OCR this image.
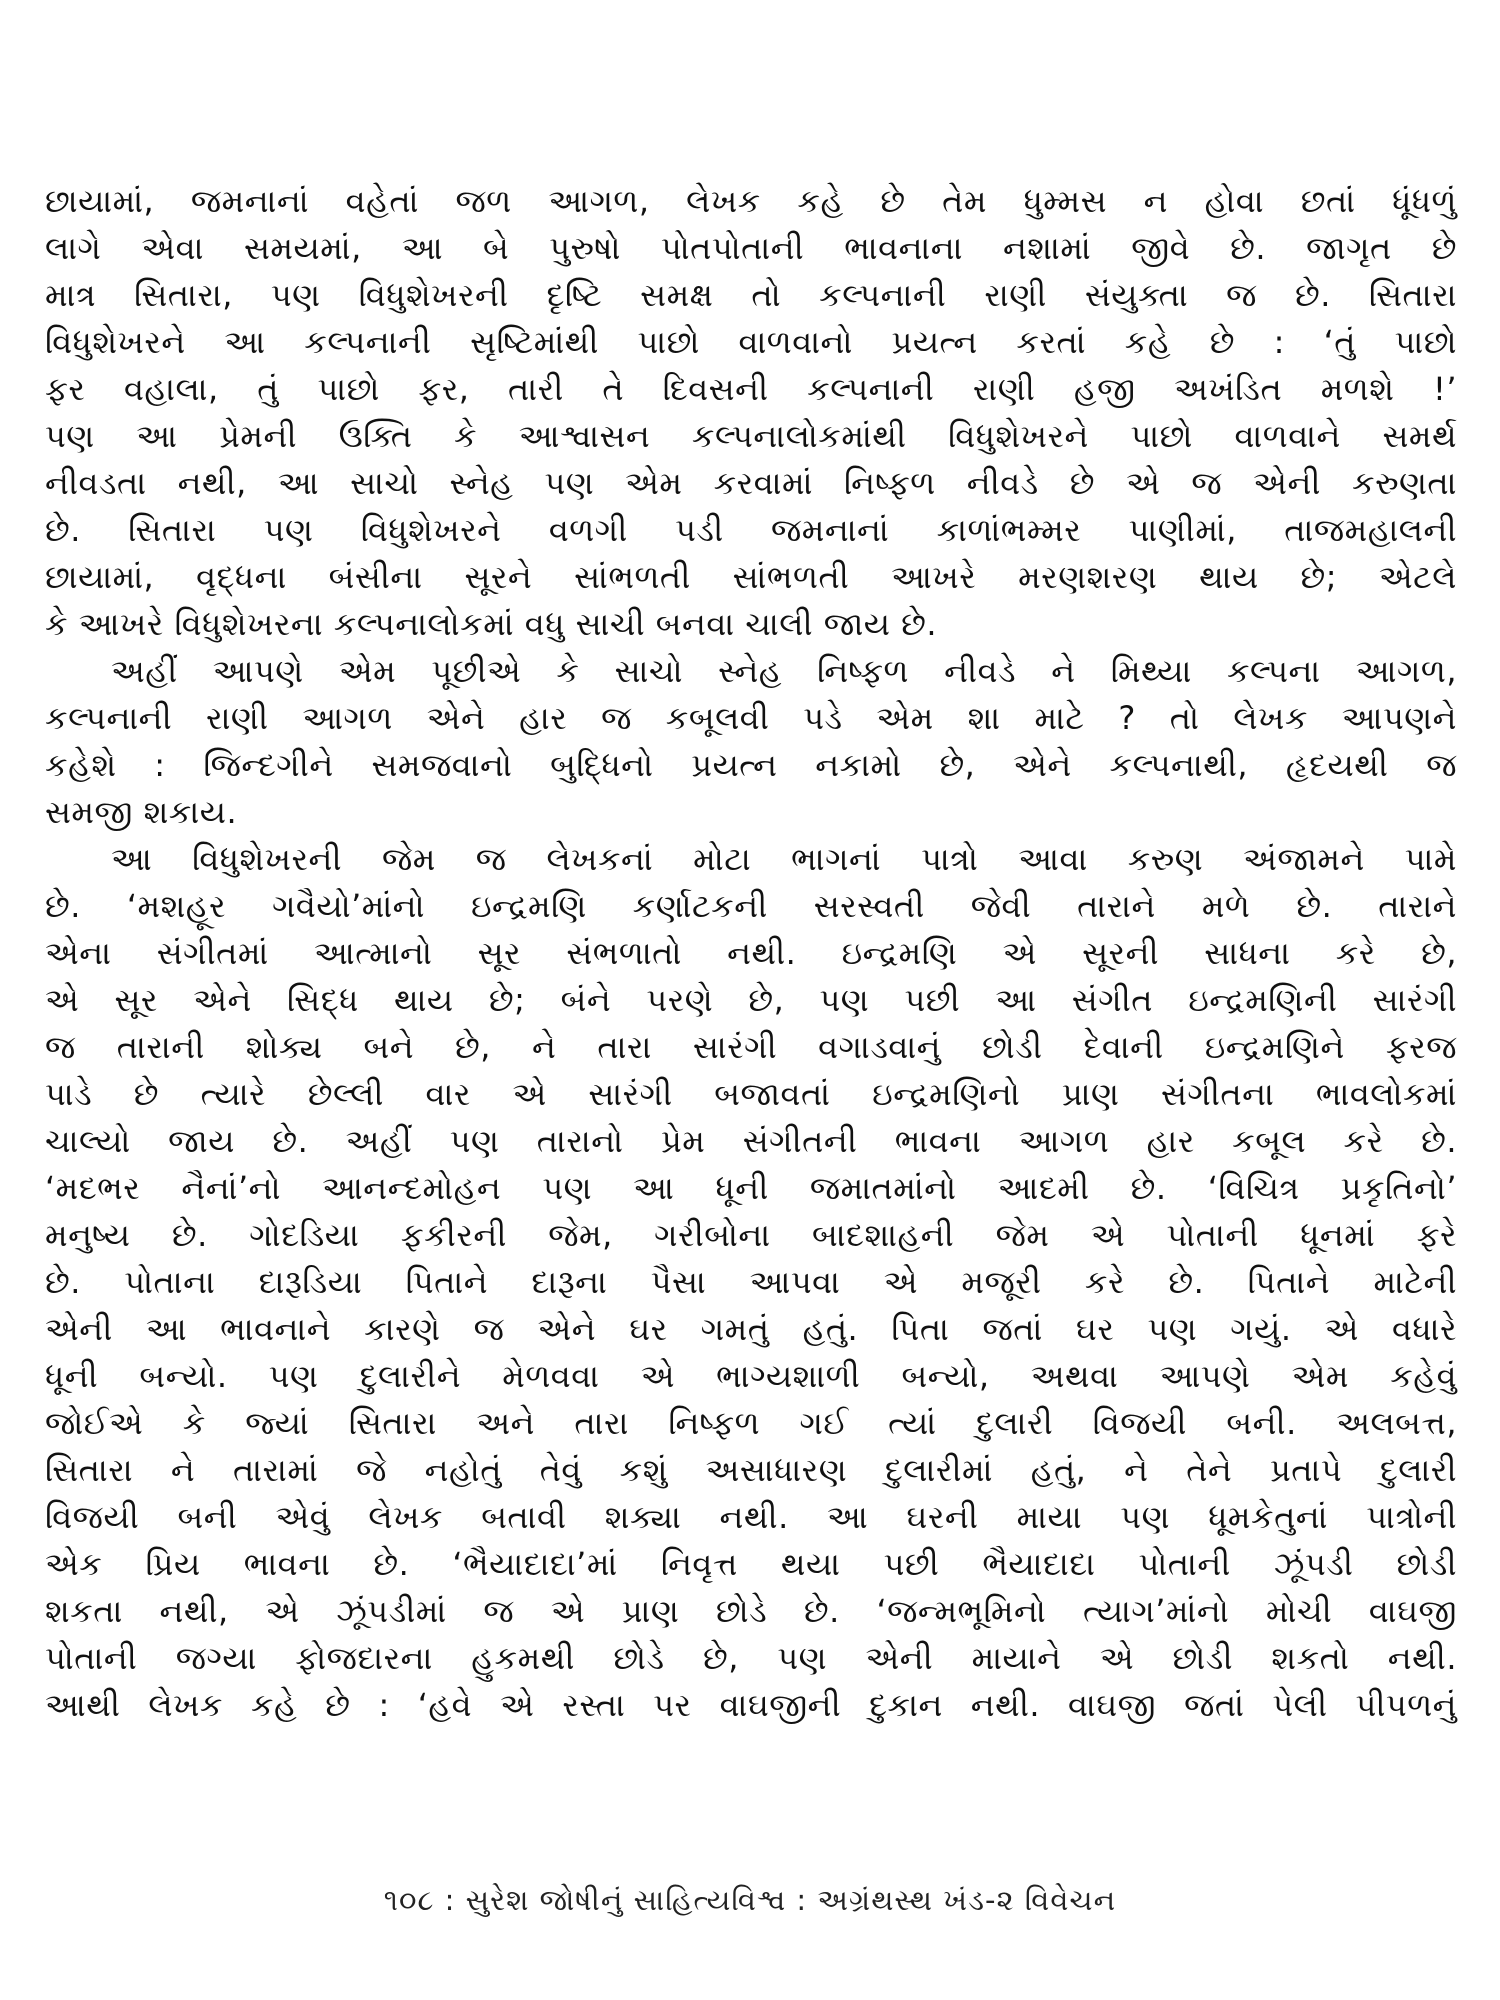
છાયામાં, જમનાનાં વહેતાં જળ આગળ, લેખક કહે છે તેમ ધુમ્મસ ન હોવા છતાં ધૂંધળું
લાગે એવા સમયમાં, આ બે પુરુષો પોતપોતાની ભાવનાના નશામાં જીવે છે. જાગૃત છે
માત્ર સિતારા, પણ વિધુશેખરની દૃષ્ટિ સમક્ષ તો કલ્પનાની રાણી સંયુક્તા જ છે. સિતારા
વિધુશેખરને આ કલ્પનાની સૃષ્ટિમાંથી પાછો વાળવાનો પ્રયત્ન કરતાં કહે છે : ‘તું પાછો
ફર વહાલા, તું પાછો ફર, તારી તે દિવસની કલ્પનાની રાણી હજી અખંડિત મળશે !’
પણ આ પ્રેમની ઉક્તિ કે આશ્વાસન કલ્પનાલોકમાંથી વિધુશેખરને પાછો વાળવાને સમર્થ
નીવડતા નથી, આ સાચો સ્નેહ પણ એમ કરવામાં નિષ્ફળ નીવડે છે એ જ એની કરુણતા
છે. સિતારા પણ વિધુશેખરને વળગી પડી જમનાનાં કાળાંભમ્મર પાણીમાં, તાજમહાલની
છાયામાં, વૃદ્ધના બંસીના સૂરને સાંભળતી સાંભળતી આખરે મરણશરણ થાય છે; એટલે
કે આખરે વિધુશેખરના કલ્પનાલોકમાં વધુ સાચી બનવા ચાલી જાય છે.
અહીં આપણે એમ પૂછીએ કે સાચો સ્નેહ નિષ્ફળ નીવડે ને મિથ્યા કલ્પના આગળ,
કલ્પનાની રાણી આગળ એને હાર જ કબૂલવી પડે એમ શા માટે ? તો લેખક આપણને
કહેશે : જિન્દગીને સમજવાનો બુદ્ધિનો પ્રયત્ન નકામો છે, એને કલ્પનાથી, હૃદયથી જ
સમજી શકાય.
આ વિધુશેખરની જેમ જ લેખકનાં મોટા ભાગનાં પાત્રો આવા કરુણ અંજામને પામે
છે. ‘મશહૂર ગવૈયો’માંનો ઇન્દ્રમણિ કર્ણાટકની સરસ્વતી જેવી તારાને મળે છે. તારાને
એના સંગીતમાં આત્માનો સૂર સંભળાતો નથી. ઇન્દ્રમણિ એ સૂરની સાધના કરે છે,
એ સૂર એને સિદ્ધ થાય છે; બંને પરણે છે, પણ પછી આ સંગીત ઇન્દ્રમણિની સારંગી
જ તારાની શોક્ય બને છે, ને તારા સારંગી વગાડવાનું છોડી દેવાની ઇન્દ્રમણિને ફરજ
પાડે છે ત્યારે છેલ્લી વાર એ સારંગી બજાવતાં ઇન્દ્રમણિનો પ્રાણ સંગીતના ભાવલોકમાં
ચાલ્યો જાય છે. અહીં પણ તારાનો પ્રેમ સંગીતની ભાવના આગળ હાર કબૂલ કરે છે.
‘મદભર નૈનાં’નો આનન્દમોહન પણ આ ધૂની જમાતમાંનો આદમી છે. ‘વિચિત્ર પ્રકૃતિનો’
મનુષ્ય છે. ગોદડિયા ફકીરની જેમ, ગરીબોના બાદશાહની જેમ એ પોતાની ધૂનમાં ફરે
છે. પોતાના દારૂડિયા પિતાને દારૂના પૈસા આપવા એ મજૂરી કરે છે. પિતાને માટેની
એની આ ભાવનાને કારણે જ એને ઘર ગમતું હતું. પિતા જતાં ઘર પણ ગયું. એ વધારે
ધૂની બન્યો. પણ દુલારીને મેળવવા એ ભાગ્યશાળી બન્યો, અથવા આપણે એમ કહેવું
જોઈએ કે જ્યાં સિતારા અને તારા નિષ્ફળ ગઈ ત્યાં દુલારી વિજયી બની. અલબત્ત,
સિતારા ને તારામાં જે નહોતું તેવું કશું અસાધારણ દુલારીમાં હતું, ને તેને પ્રતાપે દુલારી
વિજયી બની એવું લેખક બતાવી શક્યા નથી. આ ઘરની માયા પણ ધૂમકેતુનાં પાત્રોની
એક પ્રિય ભાવના છે. ‘ભૈયાદાદા’માં નિવૃત્ત થયા પછી ભૈયાદાદા પોતાની ઝૂંપડી છોડી
શકતા નથી, એ ઝૂંપડીમાં જ એ પ્રાણ છોડે છે. ‘જન્મભૂમિનો ત્યાગ’માંનો મોચી વાઘજી
પોતાની જગ્યા ફોજદારના હુકમથી છોડે છે, પણ એની માયાને એ છોડી શકતો નથી.
આથી લેખક કહે છે : ‘હવે એ રસ્તા પર વાઘજીની દુકાન નથી. વાઘજી જતાં પેલી પીપળનું
૧૦૮ : સુરેશ જોષીનું સાહિત્યવિશ્વ : અગ્રંથસ્થ ખંડ-૨ વિવેચન
